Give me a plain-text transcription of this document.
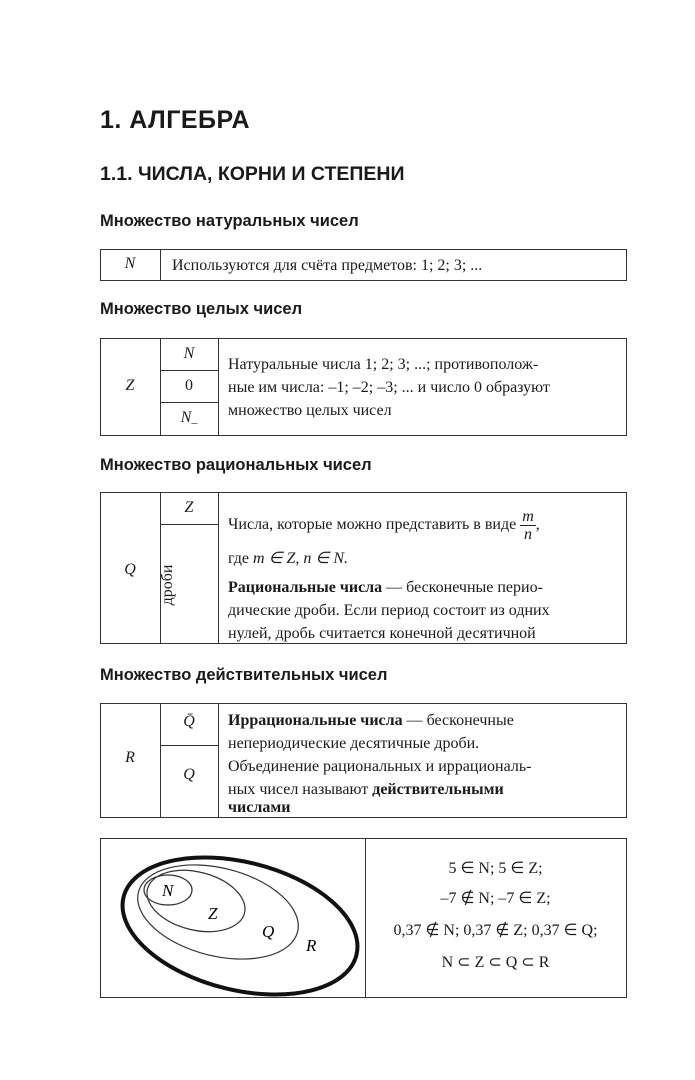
1. АЛГЕБРА
1.1. ЧИСЛА, КОРНИ И СТЕПЕНИ
Множество натуральных чисел
N	Используются для счёта предметов: 1; 2; 3; ...
Множество целых чисел
Z
N
0
$N_-$
Натуральные числа 1; 2; 3; ...; противополож-
ные им числа: –1; –2; –3; ... и число 0 образуют
множество целых чисел
Множество рациональных чисел
Q
Z
дроби
Числа, которые можно представить в виде $\frac{m}{n}$ ,
где m ∈ Z, n ∈ N.
Рациональные числа — бесконечные перио-
дические дроби. Если период состоит из одних
нулей, дробь считается конечной десятичной
Множество действительных чисел
R
Q̄
Q
Иррациональные числа — бесконечные
непериодические десятичные дроби.
Объединение рациональных и иррациональ-
ных чисел называют действительными
числами
N
Z
Q
R
5 ∈ N; 5 ∈ Z;
–7 ∉ N; –7 ∈ Z;
0,37 ∉ N; 0,37 ∉ Z; 0,37 ∈ Q;
N ⊂ Z ⊂ Q ⊂ R
